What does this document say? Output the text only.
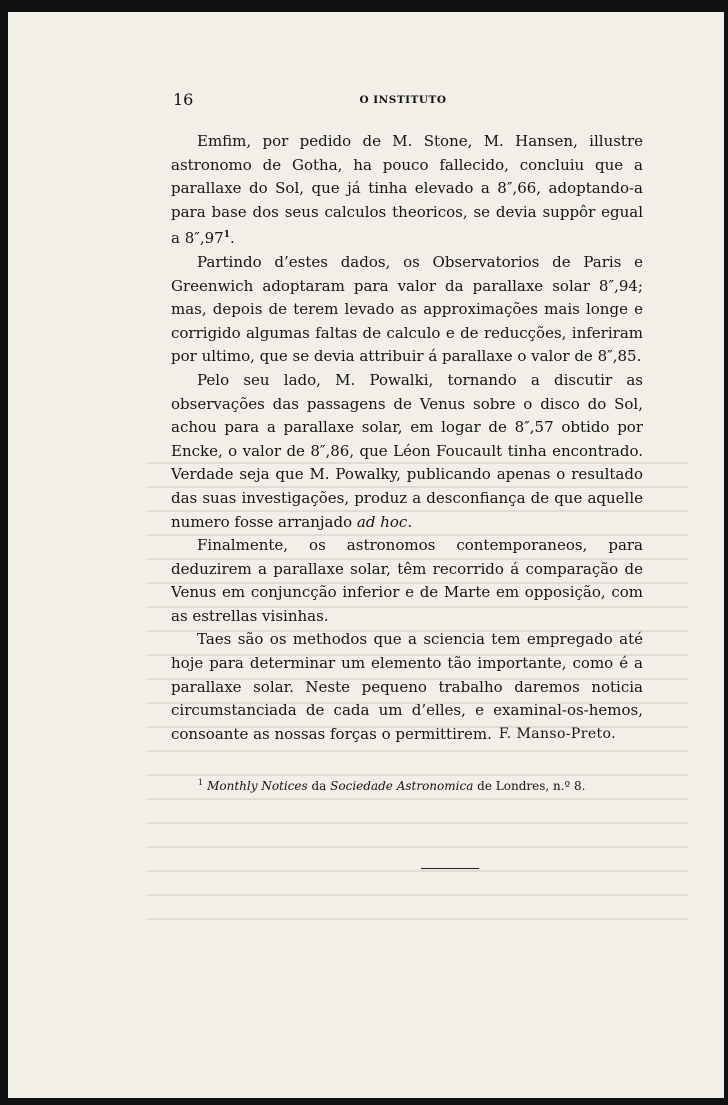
16	O INSTITUTO

Emfim, por pedido de M. Stone, M. Hansen, illustre astronomo de Gotha, ha pouco fallecido, concluiu que a parallaxe do Sol, que já tinha elevado a 8″,66, adoptando-a para base dos seus calculos theoricos, se devia suppôr egual a $8'',97^1$.

Partindo d’estes dados, os Observatorios de Paris e Greenwich adoptaram para valor da parallaxe solar 8″,94; mas, depois de terem levado as approximações mais longe e corrigido algumas faltas de calculo e de reducções, inferiram por ultimo, que se devia attribuir á parallaxe o valor de 8″,85.

Pelo seu lado, M. Powalki, tornando a discutir as observações das passagens de Venus sobre o disco do Sol, achou para a parallaxe solar, em logar de 8″,57 obtido por Encke, o valor de 8″,86, que Léon Foucault tinha encontrado. Verdade seja que M. Powalky, publicando apenas o resultado das suas investigações, produz a desconfiança de que aquelle numero fosse arranjado ad hoc.

Finalmente, os astronomos contemporaneos, para deduzirem a parallaxe solar, têm recorrido á comparação de Venus em conjuncção inferior e de Marte em opposição, com as estrellas visinhas.

Taes são os methodos que a sciencia tem empregado até hoje para determinar um elemento tão importante, como é a parallaxe solar. Neste pequeno trabalho daremos noticia circumstanciada de cada um d’elles, e examinal-os-hemos, consoante as nossas forças o permittirem. F. Manso-Preto.
$^1$ Monthly Notices da Sociedade Astronomica de Londres, n.º 8.
